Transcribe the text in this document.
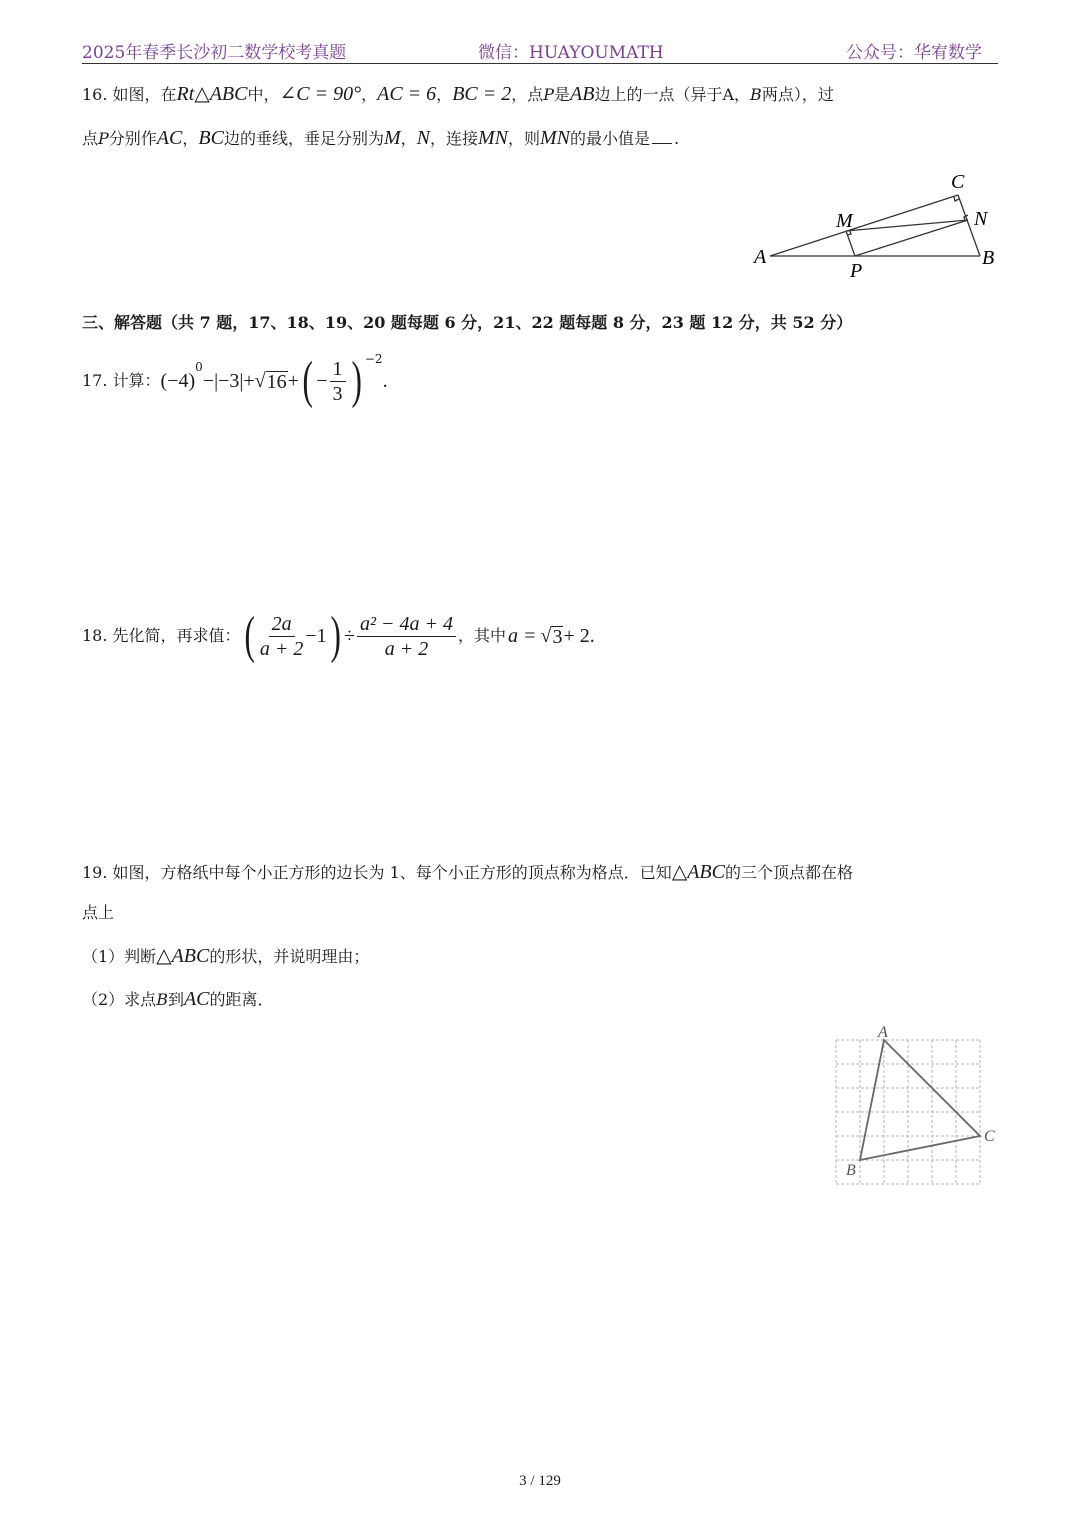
2025年春季长沙初二数学校考真题	微信：HUAYOUMATH	公众号：华宥数学
16. 如图，在Rt△ABC中，∠C = 90°，AC = 6，BC = 2，点P是AB边上的一点（异于A，B两点），过
点P分别作AC，BC边的垂线，垂足分别为M，N，连接MN，则MN的最小值是 .
A	B
C
M	N
P
三、解答题（共 7 题，17、18、19、20 题每题 6 分，21、22 题每题 8 分，23 题 12 分，共 52 分）
17. 计算： (−4)
$^0$
−|−3|+ √ 16 + ( − $\frac{1}{3}$ ) $^{-2}$
.
18. 先化简，再求值： ( $\frac{2a}{a + 2} -1$ ) ÷ $\frac{\text{a² − 4a + 4}}{a + 2}$ ，其中 a = √ 3 + 2 .
19. 如图，方格纸中每个小正方形的边长为 1、每个小正方形的顶点称为格点．已知△ABC的三个顶点都在格
点上
（1）判断△ABC的形状，并说明理由；
（2）求点B到AC的距离．
A
B
C
3 / 129
